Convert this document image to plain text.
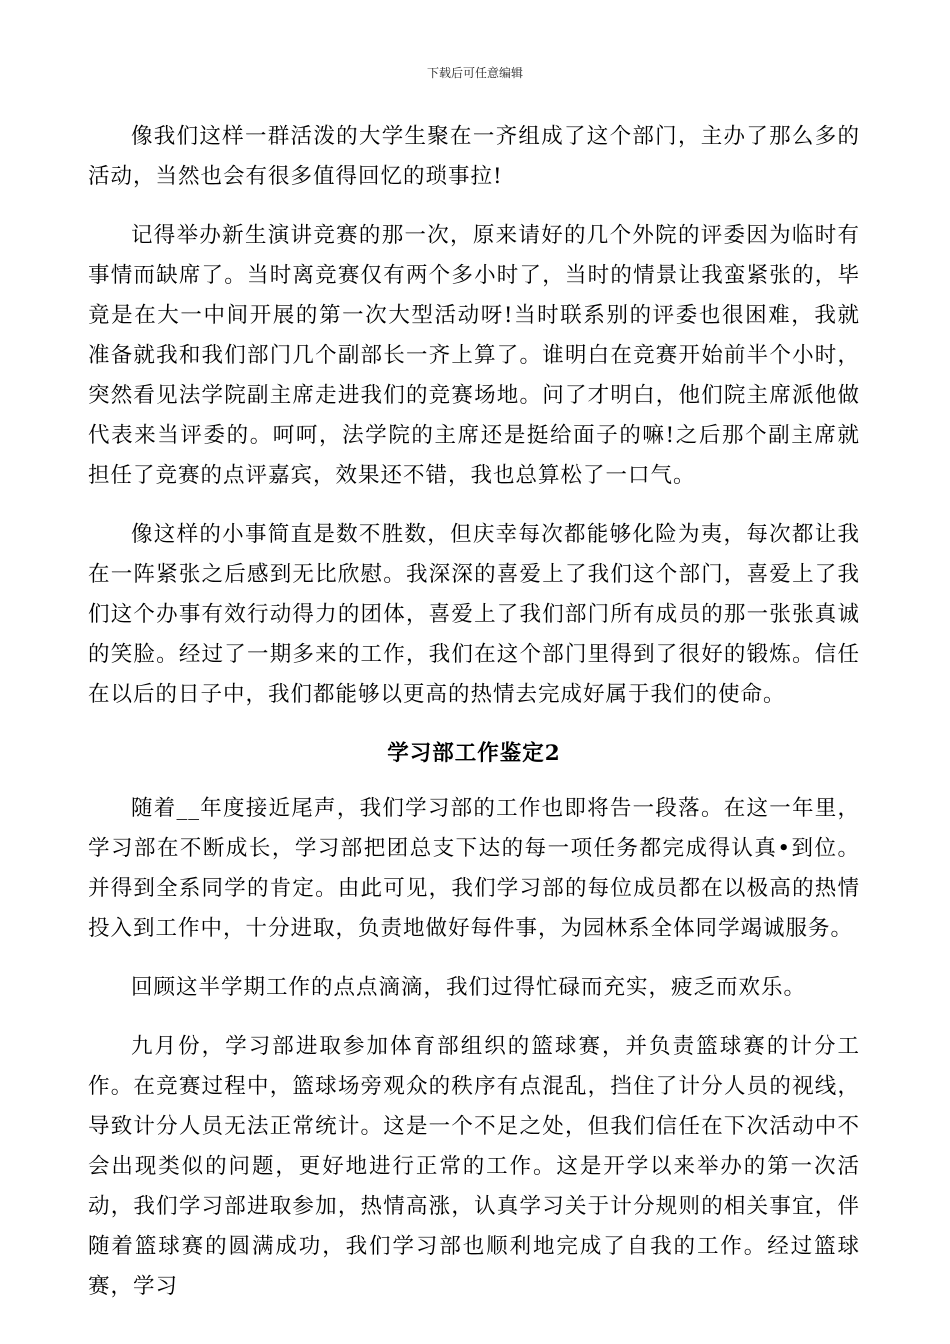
下载后可任意编辑

像我们这样一群活泼的大学生聚在一齐组成了这个部门，主办了那么多的活动，当然也会有很多值得回忆的琐事拉!

记得举办新生演讲竞赛的那一次，原来请好的几个外院的评委因为临时有事情而缺席了。当时离竞赛仅有两个多小时了，当时的情景让我蛮紧张的，毕竟是在大一中间开展的第一次大型活动呀!当时联系别的评委也很困难，我就准备就我和我们部门几个副部长一齐上算了。谁明白在竞赛开始前半个小时，突然看见法学院副主席走进我们的竞赛场地。问了才明白，他们院主席派他做代表来当评委的。呵呵，法学院的主席还是挺给面子的嘛!之后那个副主席就担任了竞赛的点评嘉宾，效果还不错，我也总算松了一口气。

像这样的小事简直是数不胜数，但庆幸每次都能够化险为夷，每次都让我在一阵紧张之后感到无比欣慰。我深深的喜爱上了我们这个部门，喜爱上了我们这个办事有效行动得力的团体，喜爱上了我们部门所有成员的那一张张真诚的笑脸。经过了一期多来的工作，我们在这个部门里得到了很好的锻炼。信任在以后的日子中，我们都能够以更高的热情去完成好属于我们的使命。

学习部工作鉴定2

随着__年度接近尾声，我们学习部的工作也即将告一段落。在这一年里，学习部在不断成长，学习部把团总支下达的每一项任务都完成得认真•到位。并得到全系同学的肯定。由此可见，我们学习部的每位成员都在以极高的热情投入到工作中，十分进取，负责地做好每件事，为园林系全体同学竭诚服务。

回顾这半学期工作的点点滴滴，我们过得忙碌而充实，疲乏而欢乐。

九月份，学习部进取参加体育部组织的篮球赛，并负责篮球赛的计分工作。在竞赛过程中，篮球场旁观众的秩序有点混乱，挡住了计分人员的视线，导致计分人员无法正常统计。这是一个不足之处，但我们信任在下次活动中不会出现类似的问题，更好地进行正常的工作。这是开学以来举办的第一次活动，我们学习部进取参加，热情高涨，认真学习关于计分规则的相关事宜，伴随着篮球赛的圆满成功，我们学习部也顺利地完成了自我的工作。经过篮球赛，学习
